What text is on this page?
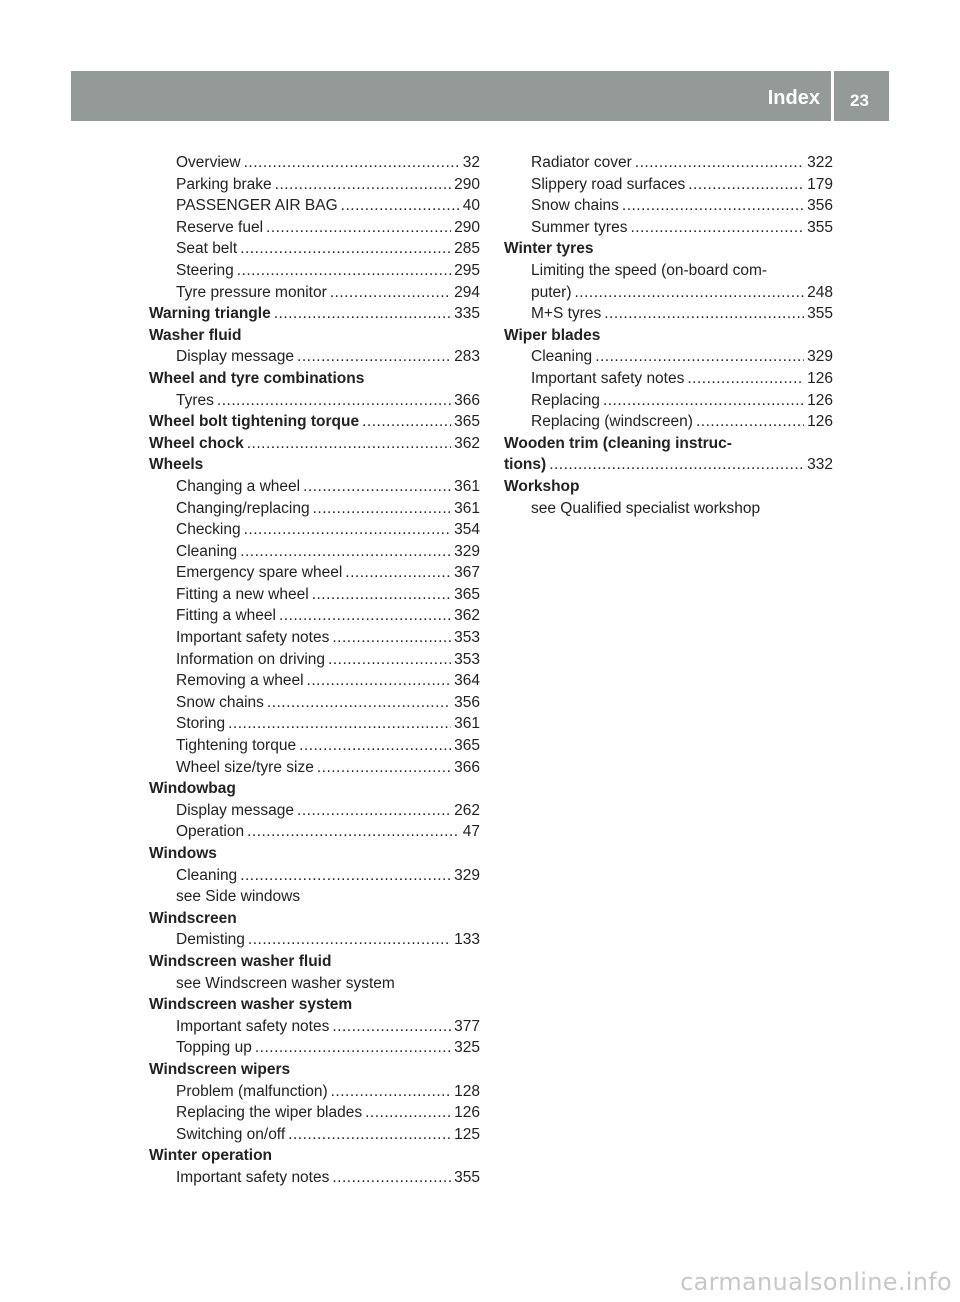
Index 23
Overview .....	32
Parking brake .....	290
PASSENGER AIR BAG .....	40
Reserve fuel .....	290
Seat belt .....	285
Steering .....	295
Tyre pressure monitor .....	294
Warning triangle .....	335
Washer fluid
Display message .....	283
Wheel and tyre combinations
Tyres .....	366
Wheel bolt tightening torque .....	365
Wheel chock .....	362
Wheels
Changing a wheel .....	361
Changing/replacing .....	361
Checking .....	354
Cleaning .....	329
Emergency spare wheel .....	367
Fitting a new wheel .....	365
Fitting a wheel .....	362
Important safety notes .....	353
Information on driving .....	353
Removing a wheel .....	364
Snow chains .....	356
Storing .....	361
Tightening torque .....	365
Wheel size/tyre size .....	366
Windowbag
Display message .....	262
Operation .....	47
Windows
Cleaning .....	329
see Side windows
Windscreen
Demisting .....	133
Windscreen washer fluid
see Windscreen washer system
Windscreen washer system
Important safety notes .....	377
Topping up .....	325
Windscreen wipers
Problem (malfunction) .....	128
Replacing the wiper blades .....	126
Switching on/off .....	125
Winter operation
Important safety notes .....	355
Radiator cover .....	322
Slippery road surfaces .....	179
Snow chains .....	356
Summer tyres .....	355
Winter tyres
Limiting the speed (on-board com-
puter) .....	248
M+S tyres .....	355
Wiper blades
Cleaning .....	329
Important safety notes .....	126
Replacing .....	126
Replacing (windscreen) .....	126
Wooden trim (cleaning instruc-
tions) .....	332
Workshop
see Qualified specialist workshop
carmanualsonline.info
